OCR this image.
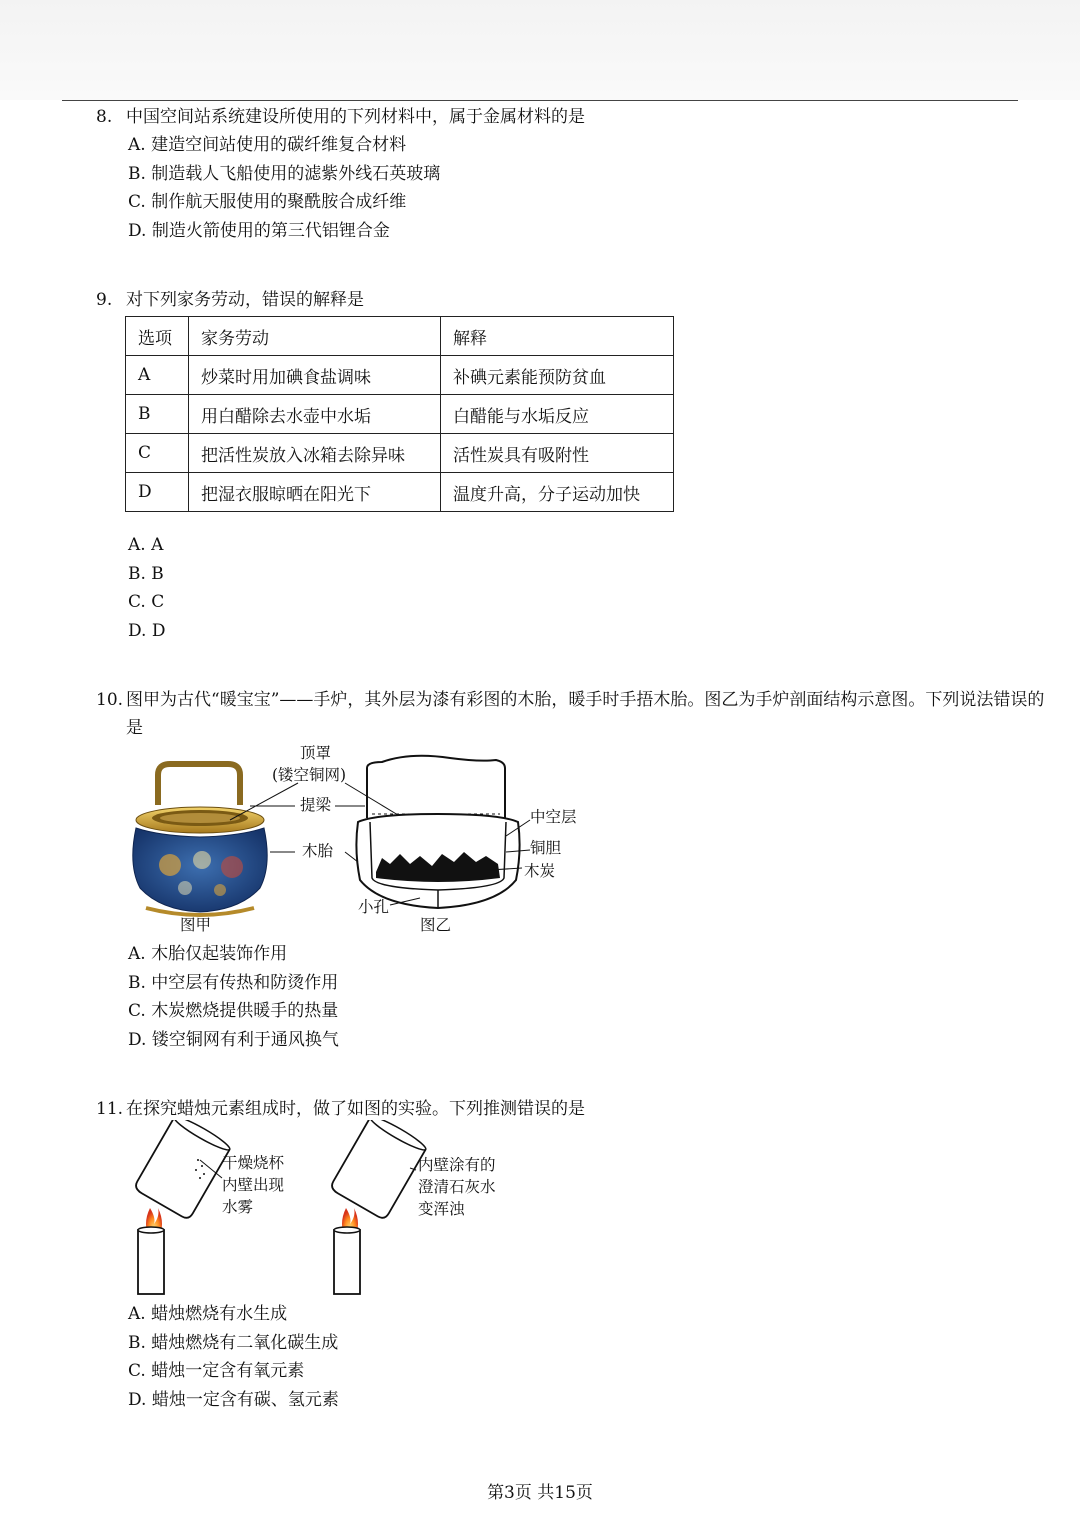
8. 中国空间站系统建设所使用的下列材料中，属于金属材料的是
A. 建造空间站使用的碳纤维复合材料
B. 制造载人飞船使用的滤紫外线石英玻璃
C. 制作航天服使用的聚酰胺合成纤维
D. 制造火箭使用的第三代铝锂合金
9. 对下列家务劳动，错误的解释是
选项	家务劳动	解释
A	炒菜时用加碘食盐调味	补碘元素能预防贫血
B	用白醋除去水壶中水垢	白醋能与水垢反应
C	把活性炭放入冰箱去除异味	活性炭具有吸附性
D	把湿衣服晾晒在阳光下	温度升高，分子运动加快
A. A
B. B
C. C
D. D
10. 图甲为古代“暖宝宝”——手炉，其外层为漆有彩图的木胎，暖手时手捂木胎。图乙为手炉剖面结构示意图。下列说法错误的是
顶罩
(镂空铜网)
提梁
木胎
中空层
铜胆
木炭
小孔
图甲	图乙
A. 木胎仅起装饰作用
B. 中空层有传热和防烫作用
C. 木炭燃烧提供暖手的热量
D. 镂空铜网有利于通风换气
11. 在探究蜡烛元素组成时，做了如图的实验。下列推测错误的是
干燥烧杯
内壁出现
水雾
内壁涂有的
澄清石灰水
变浑浊
A. 蜡烛燃烧有水生成
B. 蜡烛燃烧有二氧化碳生成
C. 蜡烛一定含有氧元素
D. 蜡烛一定含有碳、氢元素
第3页 共15页
